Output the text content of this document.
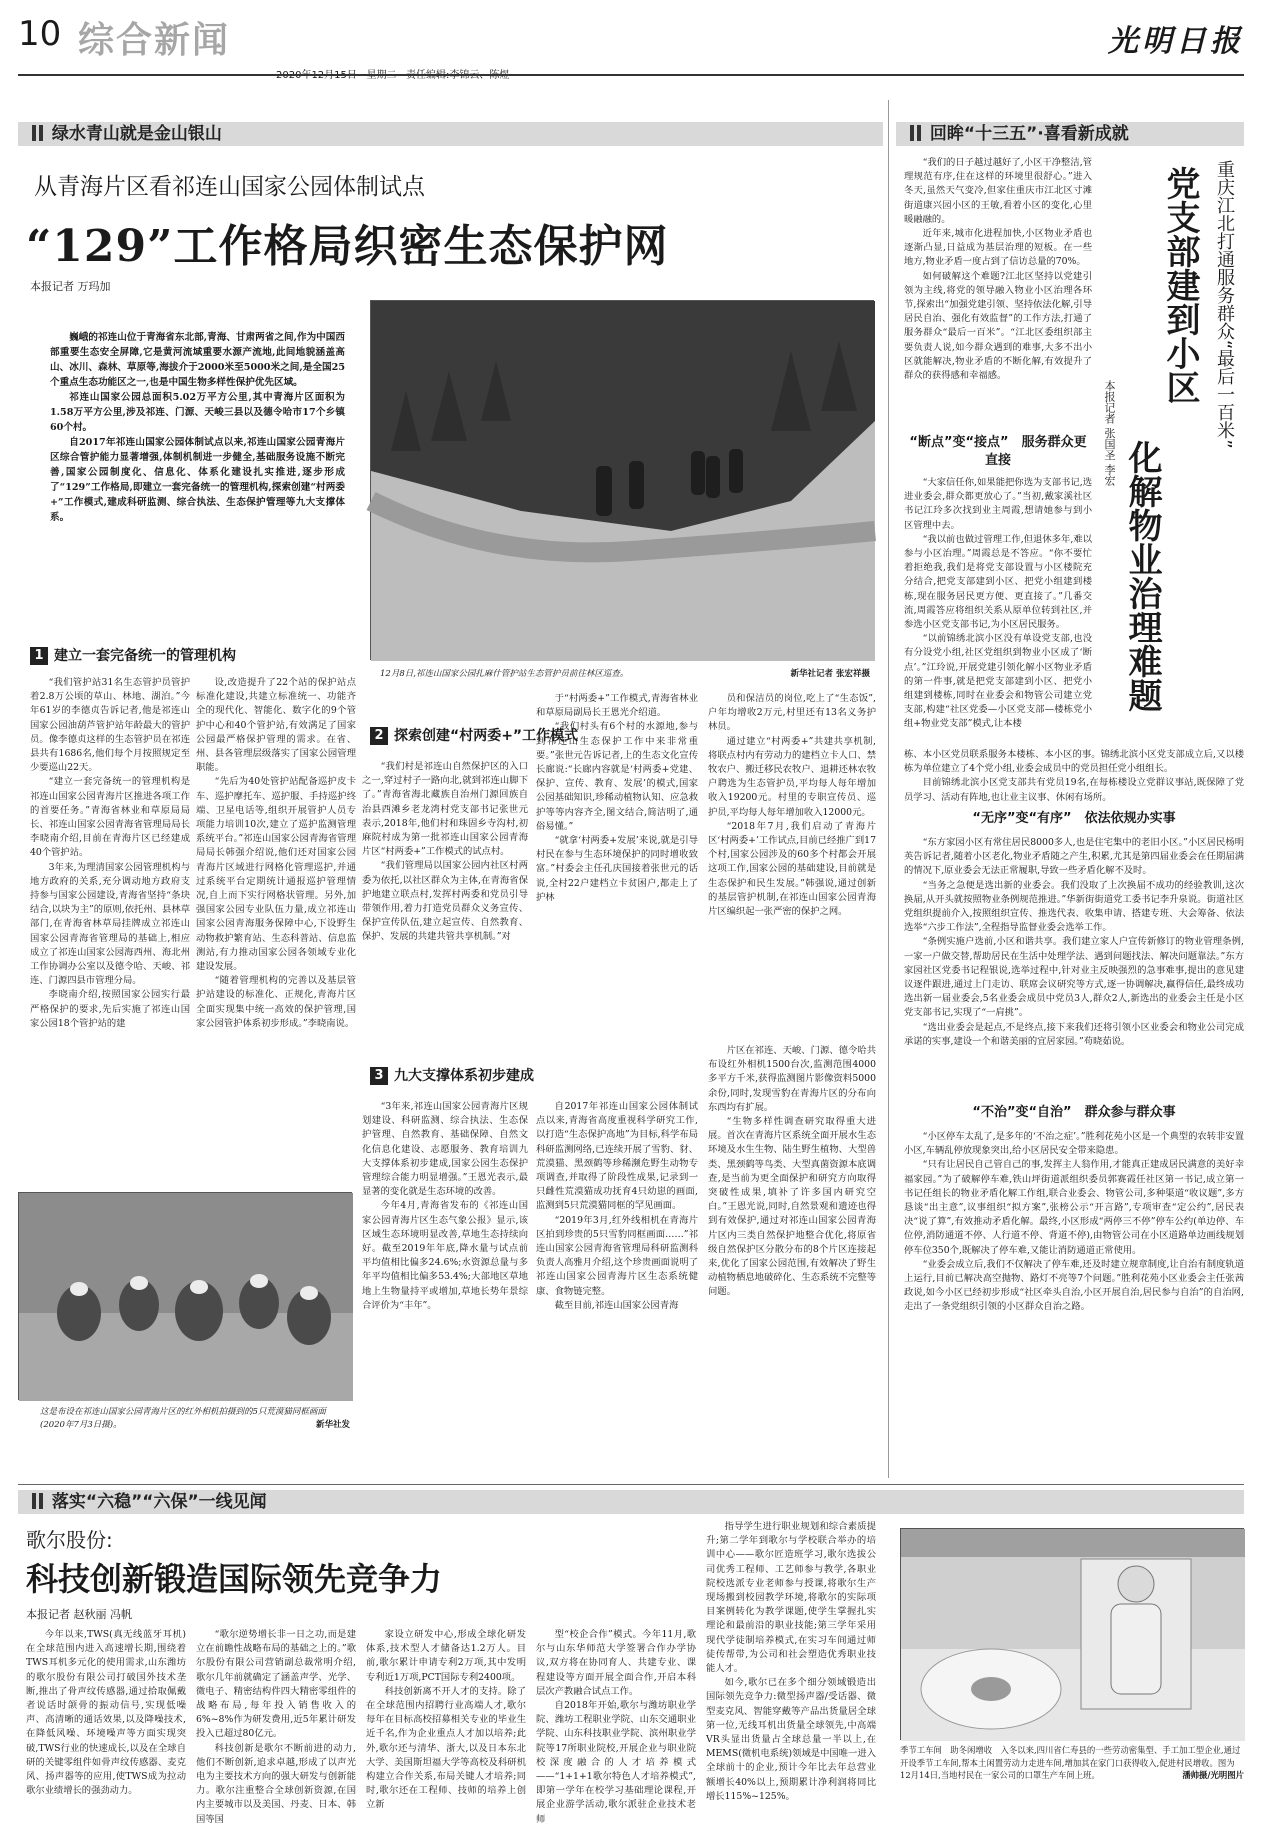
10 综合新闻
	光明日报
绿水青山就是金山银山
从青海片区看祁连山国家公园体制试点
“129”工作格局织密生态保护网
本报记者 万玛加

巍峨的祁连山位于青海省东北部,青海、甘肃两省之间,作为中国西部重要生态安全屏障,它是黄河流域重要水源产流地,此间地貌涵盖高山、冰川、森林、草原等,海拔介于2000米至5000米之间,是全国25个重点生态功能区之一,也是中国生物多样性保护优先区域。

祁连山国家公园总面积5.02万平方公里,其中青海片区面积为1.58万平方公里,涉及祁连、门源、天峻三县以及德令哈市17个乡镇60个村。

自2017年祁连山国家公园体制试点以来,祁连山国家公园青海片区综合管护能力显著增强,体制机制进一步健全,基础服务设施不断完善,国家公园制度化、信息化、体系化建设扎实推进,逐步形成了“129”工作格局,即建立一套完备统一的管理机构,探索创建“村两委+”工作模式,建成科研监测、综合执法、生态保护管理等九大支撑体系。

12月8日,祁连山国家公园扎麻什管护站生态管护员前往林区巡查。	新华社记者 张宏祥摄
1 建立一套完备统一的管理机构

“我们管护站31名生态管护员管护着2.8万公顷的草山、林地、湖泊。”今年61岁的李德贞告诉记者,他是祁连山国家公园油葫芦管护站年龄最大的管护员。像李德贞这样的生态管护员在祁连县共有1686名,他们每个月按照规定至少要巡山22天。

“建立一套完备统一的管理机构是祁连山国家公园青海片区推进各项工作的首要任务。”青海省林业和草原局局长、祁连山国家公园青海省管理局局长李晓南介绍,目前在青海片区已经建成40个管护站。

3年来,为理清国家公园管理机构与地方政府的关系,充分调动地方政府支持参与国家公园建设,青海省坚持“条块结合,以块为主”的原则,依托州、县林草部门,在青海省林草局挂牌成立祁连山国家公园青海省管理局的基础上,相应成立了祁连山国家公园海西州、海北州工作协调办公室以及德令哈、天峻、祁连、门源四县市管理分局。

李晓南介绍,按照国家公园实行最严格保护的要求,先后实施了祁连山国家公园18个管护站的建

设,改造提升了22个站的保护站点标准化建设,共建立标准统一、功能齐全的现代化、智能化、数字化的9个管护中心和40个管护站,有效满足了国家公园最严格保护管理的需求。在省、州、县各管理层级落实了国家公园管理职能。

“先后为40处管护站配备巡护皮卡车、巡护摩托车、巡护服、手持巡护终端、卫星电话等,组织开展管护人员专项能力培训10次,建立了巡护监测管理系统平台。”祁连山国家公园青海省管理局局长韩强介绍说,他们还对国家公园青海片区域进行网格化管理巡护,并通过系统平台定期统计通报巡护管理情况,自上而下实行网格状管理。另外,加强国家公园专业队伍力量,成立祁连山国家公园青海服务保障中心,下设野生动物救护繁育站、生态科普站、信息监测站,有力推动国家公园各领域专业化建设发展。

“随着管理机构的完善以及基层管护站建设的标准化、正规化,青海片区全面实现集中统一高效的保护管理,国家公园管护体系初步形成。”李晓南说。

2 探索创建“村两委+”工作模式

“我们村是祁连山自然保护区的入口之一,穿过村子一路向北,就到祁连山脚下了。”青海省海北藏族自治州门源回族自治县西滩乡老龙湾村党支部书记张世元表示,2018年,他们村和珠固乡寺沟村,初麻院村成为第一批祁连山国家公园青海片区“村两委+”工作模式的试点村。

“我们管理局以国家公园内社区村两委为依托,以社区群众为主体,在青海省保护地建立联点村,发挥村两委和党员引导带领作用,着力打造党员群众义务宣传、保护宣传队伍,建立起宣传、自然教育、保护、发展的共建共管共享机制。”对

于“村两委+”工作模式,青海省林业和草原局副局长王恩光介绍道。

“我们村头有6个村的水源地,参与到祁连山生态保护工作中来非常重要。”张世元告诉记者,上的生态文化宣传长廊说:“长廊内容就是‘村两委+党建、保护、宣传、教育、发展’的模式,国家公园基础知识,珍稀动植物认知、应急救护等等内容齐全,图文结合,简洁明了,通俗易懂。”

“就拿‘村两委+发展’来说,就是引导村民在参与生态环境保护的同时增收致富。”村委会主任孔庆国接着张世元的话说,全村22户建档立卡贫困户,都走上了护林

员和保洁员的岗位,吃上了“生态饭”,户年均增收2万元,村里还有13名义务护林员。

通过建立“村两委+”共建共享机制,将联点村内有劳动力的建档立卡人口、禁牧农户、搬迁移民农牧户、退耕还林农牧户聘选为生态管护员,平均每人每年增加收入19200元。村里的专职宣传员、巡护员,平均每人每年增加收入12000元。

“2018年7月,我们启动了青海片区‘村两委+’工作试点,目前已经推广到17个村,国家公园涉及的60多个村都会开展这项工作,国家公园的基础建设,目前就是生态保护和民生发展。”韩强说,通过创新的基层管护机制,在祁连山国家公园青海片区编织起一张严密的保护之网。

3 九大支撑体系初步建成

“3年来,祁连山国家公园青海片区规划建设、科研监测、综合执法、生态保护管理、自然教育、基础保障、自然文化信息化建设、志愿服务、教育培训九大支撑体系初步建成,国家公园生态保护管理综合能力明显增强。”王恩光表示,最显著的变化就是生态环境的改善。

今年4月,青海省发布的《祁连山国家公园青海片区生态气象公报》显示,该区域生态环境明显改善,草地生态持续向好。截至2019年年底,降水量与试点前平均值相比偏多24.6%;水资源总量与多年平均值相比偏多53.4%;大部地区草地地上生物量持平或增加,草地长势年景综合评价为“丰年”。

自2017年祁连山国家公园体制试点以来,青海省高度重视科学研究工作,以打造“生态保护高地”为目标,科学布局科研监测网络,已连续开展了雪豹、豺、荒漠猫、黑颈鹤等珍稀濒危野生动物专项调查,并取得了阶段性成果,记录到一只雌性荒漠猫成功抚育4只幼崽的画面,监测到5只荒漠猫同框的罕见画面。

“2019年3月,红外线相机在青海片区拍到珍贵的5只雪豹同框画面……”祁连山国家公园青海省管理局科研监测科负责人高雅月介绍,这个珍贵画面说明了祁连山国家公园青海片区生态系统健康、食物链完整。

截至目前,祁连山国家公园青海

片区在祁连、天峻、门源、德令哈共布设红外相机1500台次,监测范围4000多平方千米,获得监测图片影像资料5000余份,同时,发现雪豹在青海片区的分布向东西均有扩展。

“生物多样性调查研究取得重大进展。首次在青海片区系统全面开展水生态环境及水生生物、陆生野生植物、大型兽类、黑颈鹤等鸟类、大型真菌资源本底调查,是当前为更全面保护和研究方向取得突破性成果,填补了许多国内研究空白。”王恩光说,同时,自然景观和遗迹也得到有效保护,通过对祁连山国家公园青海片区内三类自然保护地整合优化,将原省级自然保护区分散分布的8个片区连接起来,优化了国家公园范围,有效解决了野生动植物栖息地破碎化、生态系统不完整等问题。

这是布设在祁连山国家公园青海片区的红外相机拍摄到的5只荒漠猫同框画面(2020年7月3日摄)。	新华社发
回眸“十三五”·喜看新成就

“我们的日子越过越好了,小区干净整洁,管理规范有序,住在这样的环境里很舒心。”进入冬天,虽然天气变冷,但家住重庆市江北区寸滩街道康兴园小区的王敏,看着小区的变化,心里暖融融的。

近年来,城市化进程加快,小区物业矛盾也逐渐凸显,日益成为基层治理的短板。在一些地方,物业矛盾一度占到了信访总量的70%。

如何破解这个难题?江北区坚持以党建引领为主线,将党的领导融入物业小区治理各环节,探索出“加强党建引领、坚持依法化解,引导居民自治、强化有效监督”的工作方法,打通了服务群众“最后一百米”。“江北区委组织部主要负责人说,如今群众遇到的难事,大多不出小区就能解决,物业矛盾的不断化解,有效提升了群众的获得感和幸福感。

“断点”变“接点”　服务群众更直接

“大家信任你,如果能把你选为支部书记,选进业委会,群众都更放心了。”当初,戴家溪社区书记江玲多次找到业主周霞,想请她参与到小区管理中去。

“我以前也做过管理工作,但退休多年,难以参与小区治理。”周霞总是不答应。“你不要忙着拒绝我,我们是将党支部设置与小区楼院充分结合,把党支部建到小区、把党小组建到楼栋,现在服务居民更方便、更直接了。”几番交流,周霞答应将组织关系从原单位转到社区,并参选小区党支部书记,为小区居民服务。

“以前锦绣北滨小区没有单设党支部,也没有分设党小组,社区党组织到物业小区成了‘断点’。”江玲说,开展党建引领化解小区物业矛盾的第一件事,就是把党支部建到小区、把党小组建到楼栋,同时在业委会和物管公司建立党支部,构建“社区党委—小区党支部—楼栋党小组+物业党支部”模式,让本楼

重庆江北打通服务群众“最后一百米”
党支部建到小区
化解物业治理难题
本报记者 张国圣 李宏

栋、本小区党员联系服务本楼栋、本小区的事。锦绣北滨小区党支部成立后,又以楼栋为单位建立了4个党小组,业委会成员中的党员担任党小组组长。

目前锦绣北滨小区党支部共有党员19名,在每栋楼设立党群议事站,既保障了党员学习、活动有阵地,也让业主议事、休闲有场所。

“无序”变“有序”　依法依规办实事

“东方家园小区有常住居民8000多人,也是住宅集中的老旧小区。”小区居民杨明英告诉记者,随着小区老化,物业矛盾随之产生,积累,尤其是第四届业委会在任期届满的情况下,原业委会无法正常履职,导致一些矛盾化解不及时。

“当务之急便是选出新的业委会。我们没取了上次换届不成功的经验教训,这次换届,从开头就按照物业条例规范推进。”华新街街道党工委书记李升泉说。街道社区党组织提前介入,按照组织宣传、推选代表、收集申请、搭建专班、大会筹备、依法选举“六步工作法”,全程指导监督业委会选举工作。

“条例实施户选前,小区和谐共享。我们建立家人户宣传新修订的物业管理条例,一家一户做交替,帮助居民在生活中处理学法、遇到问题找法、解决问题靠法。”东方家园社区党委书记程银说,选举过程中,针对业主反映强烈的急事难事,提出的意见建议逐件跟进,通过上门走访、联席会议研究等方式,逐一协调解决,赢得信任,最终成功选出新一届业委会,5名业委会成员中党员3人,群众2人,新选出的业委会主任是小区党支部书记,实现了“一肩挑”。

“选出业委会是起点,不是终点,接下来我们还将引领小区业委会和物业公司完成承诺的实事,建设一个和谐美丽的宜居家园。”苟晓茹说。

“不治”变“自治”　群众参与群众事

“小区停车太乱了,是多年的‘不治之症’。”胜利花苑小区是一个典型的农转非安置小区,车辆乱停放现象突出,给小区居民安全带来隐患。

“只有让居民自己管自己的事,发挥主人翁作用,才能真正建成居民满意的美好幸福家园。”为了破解停车难,铁山坪街道派组织委员郭赛霞任社区第一书记,成立第一书记任组长的物业矛盾化解工作组,联合业委会、物管公司,多种渠道“收议题”,多方恳谈“出主意”,议事组织“拟方案”,张榜公示“开言路”,专项审查“定公约”,居民表决“说了算”,有效推动矛盾化解。最终,小区形成“两停三不停”停车公约(单边停、车位停,消防通道不停、人行道不停、背道不停),由物管公司在小区道路单边画线规划停车位350个,既解决了停车难,又能让消防通道正常使用。

“业委会成立后,我们不仅解决了停车难,还及时建立规章制度,让自治有制度轨道上运行,目前已解决高空抛物、路灯不亮等7个问题。”胜利花苑小区业委会主任张茜政说,如今小区已经初步形成“社区牵头自治,小区开展自治,居民参与自治”的自治网,走出了一条党组织引领的小区群众自治之路。

落实“六稳”“六保”一线见闻
歌尔股份:
科技创新锻造国际领先竞争力
本报记者 赵秋丽 冯帆

今年以来,TWS(真无线蓝牙耳机)在全球范围内进入高速增长期,围绕着TWS耳机多元化的使用需求,山东潍坊的歌尔股份有限公司打破国外技术垄断,推出了骨声纹传感器,通过拾取佩戴者说话时颌骨的振动信号,实现低噪声、高清晰的通话效果,以及降噪技术,在降低风噪、环境噪声等方面实现突破,TWS行业的快速成长,以及在全球自研的关键零组件如骨声纹传感器、麦克风、扬声器等的应用,使TWS成为拉动歌尔业绩增长的强劲动力。

“歌尔逆势增长非一日之功,而是建立在前瞻性战略布局的基础之上的。”歌尔股份有限公司营销副总裁常明介绍,歌尔几年前就确定了涵盖声学、光学、微电子、精密结构件四大精密零组件的战略布局,每年投入销售收入的6%~8%作为研发费用,近5年累计研发投入已超过80亿元。

科技创新是歌尔不断前进的动力,他们不断创新,追求卓越,形成了以声光电为主要技术方向的强大研发与创新能力。歌尔注重整合全球创新资源,在国内主要城市以及美国、丹麦、日本、韩国等国

家设立研发中心,形成全球化研发体系,技术型人才储备达1.2万人。目前,歌尔累计申请专利2万项,其中发明专利近1万项,PCT国际专利2400项。

科技创新离不开人才的支持。除了在全球范围内招聘行业高端人才,歌尔每年在目标高校招募相关专业的毕业生近千名,作为企业重点人才加以培养;此外,歌尔还与清华、浙大,以及日本东北大学、美国斯坦福大学等高校及科研机构建立合作关系,布局关键人才培养;同时,歌尔还在工程师、技师的培养上创立新

型“校企合作”模式。今年11月,歌尔与山东华师范大学签署合作办学协议,双方将在协同育人、共建专业、课程建设等方面开展全面合作,开启本科层次产教融合试点工作。

自2018年开始,歌尔与潍坊职业学院、潍坊工程职业学院、山东交通职业学院、山东科技职业学院、滨州职业学院等17所职业院校,开展企业与职业院校深度融合的人才培养模式——“1+1+1歌尔特色人才培养模式”,即第一学年在校学习基础理论课程,开展企业游学活动,歌尔派驻企业技术老师

指导学生进行职业规划和综合素质提升;第二学年到歌尔与学校联合举办的培训中心——歌尔匠造班学习,歌尔选拔公司优秀工程师、工艺师参与教学,各职业院校选派专业老师参与授课,将歌尔生产现场搬到校园教学环境,将歌尔的实际项目案例转化为教学课题,使学生掌握扎实理论和最前沿的职业技能;第三学年采用现代学徒制培养模式,在实习车间通过师徒传帮带,为公司和社会塑造优秀职业技能人才。

如今,歌尔已在多个细分领域锻造出国际领先竞争力:微型扬声器/受话器、微型麦克风、智能穿戴等产品出货量居全球第一位,无线耳机出货量全球领先,中高端VR头显出货量占全球总量一半以上,在MEMS(微机电系统)领域是中国唯一进入全球前十的企业,预计今年比去年总营业额增长40%以上,预期累计净利润将同比增长115%~125%。

季节工车间　助冬闲增收　入冬以来,四川省仁寿县的一些劳动密集型、手工加工型企业,通过开设季节工车间,帮本土闲置劳动力走进车间,增加其在家门口获得收入,促进村民增收。图为12月14日,当地村民在一家公司的口罩生产车间上班。	潘帅摄/光明图片
